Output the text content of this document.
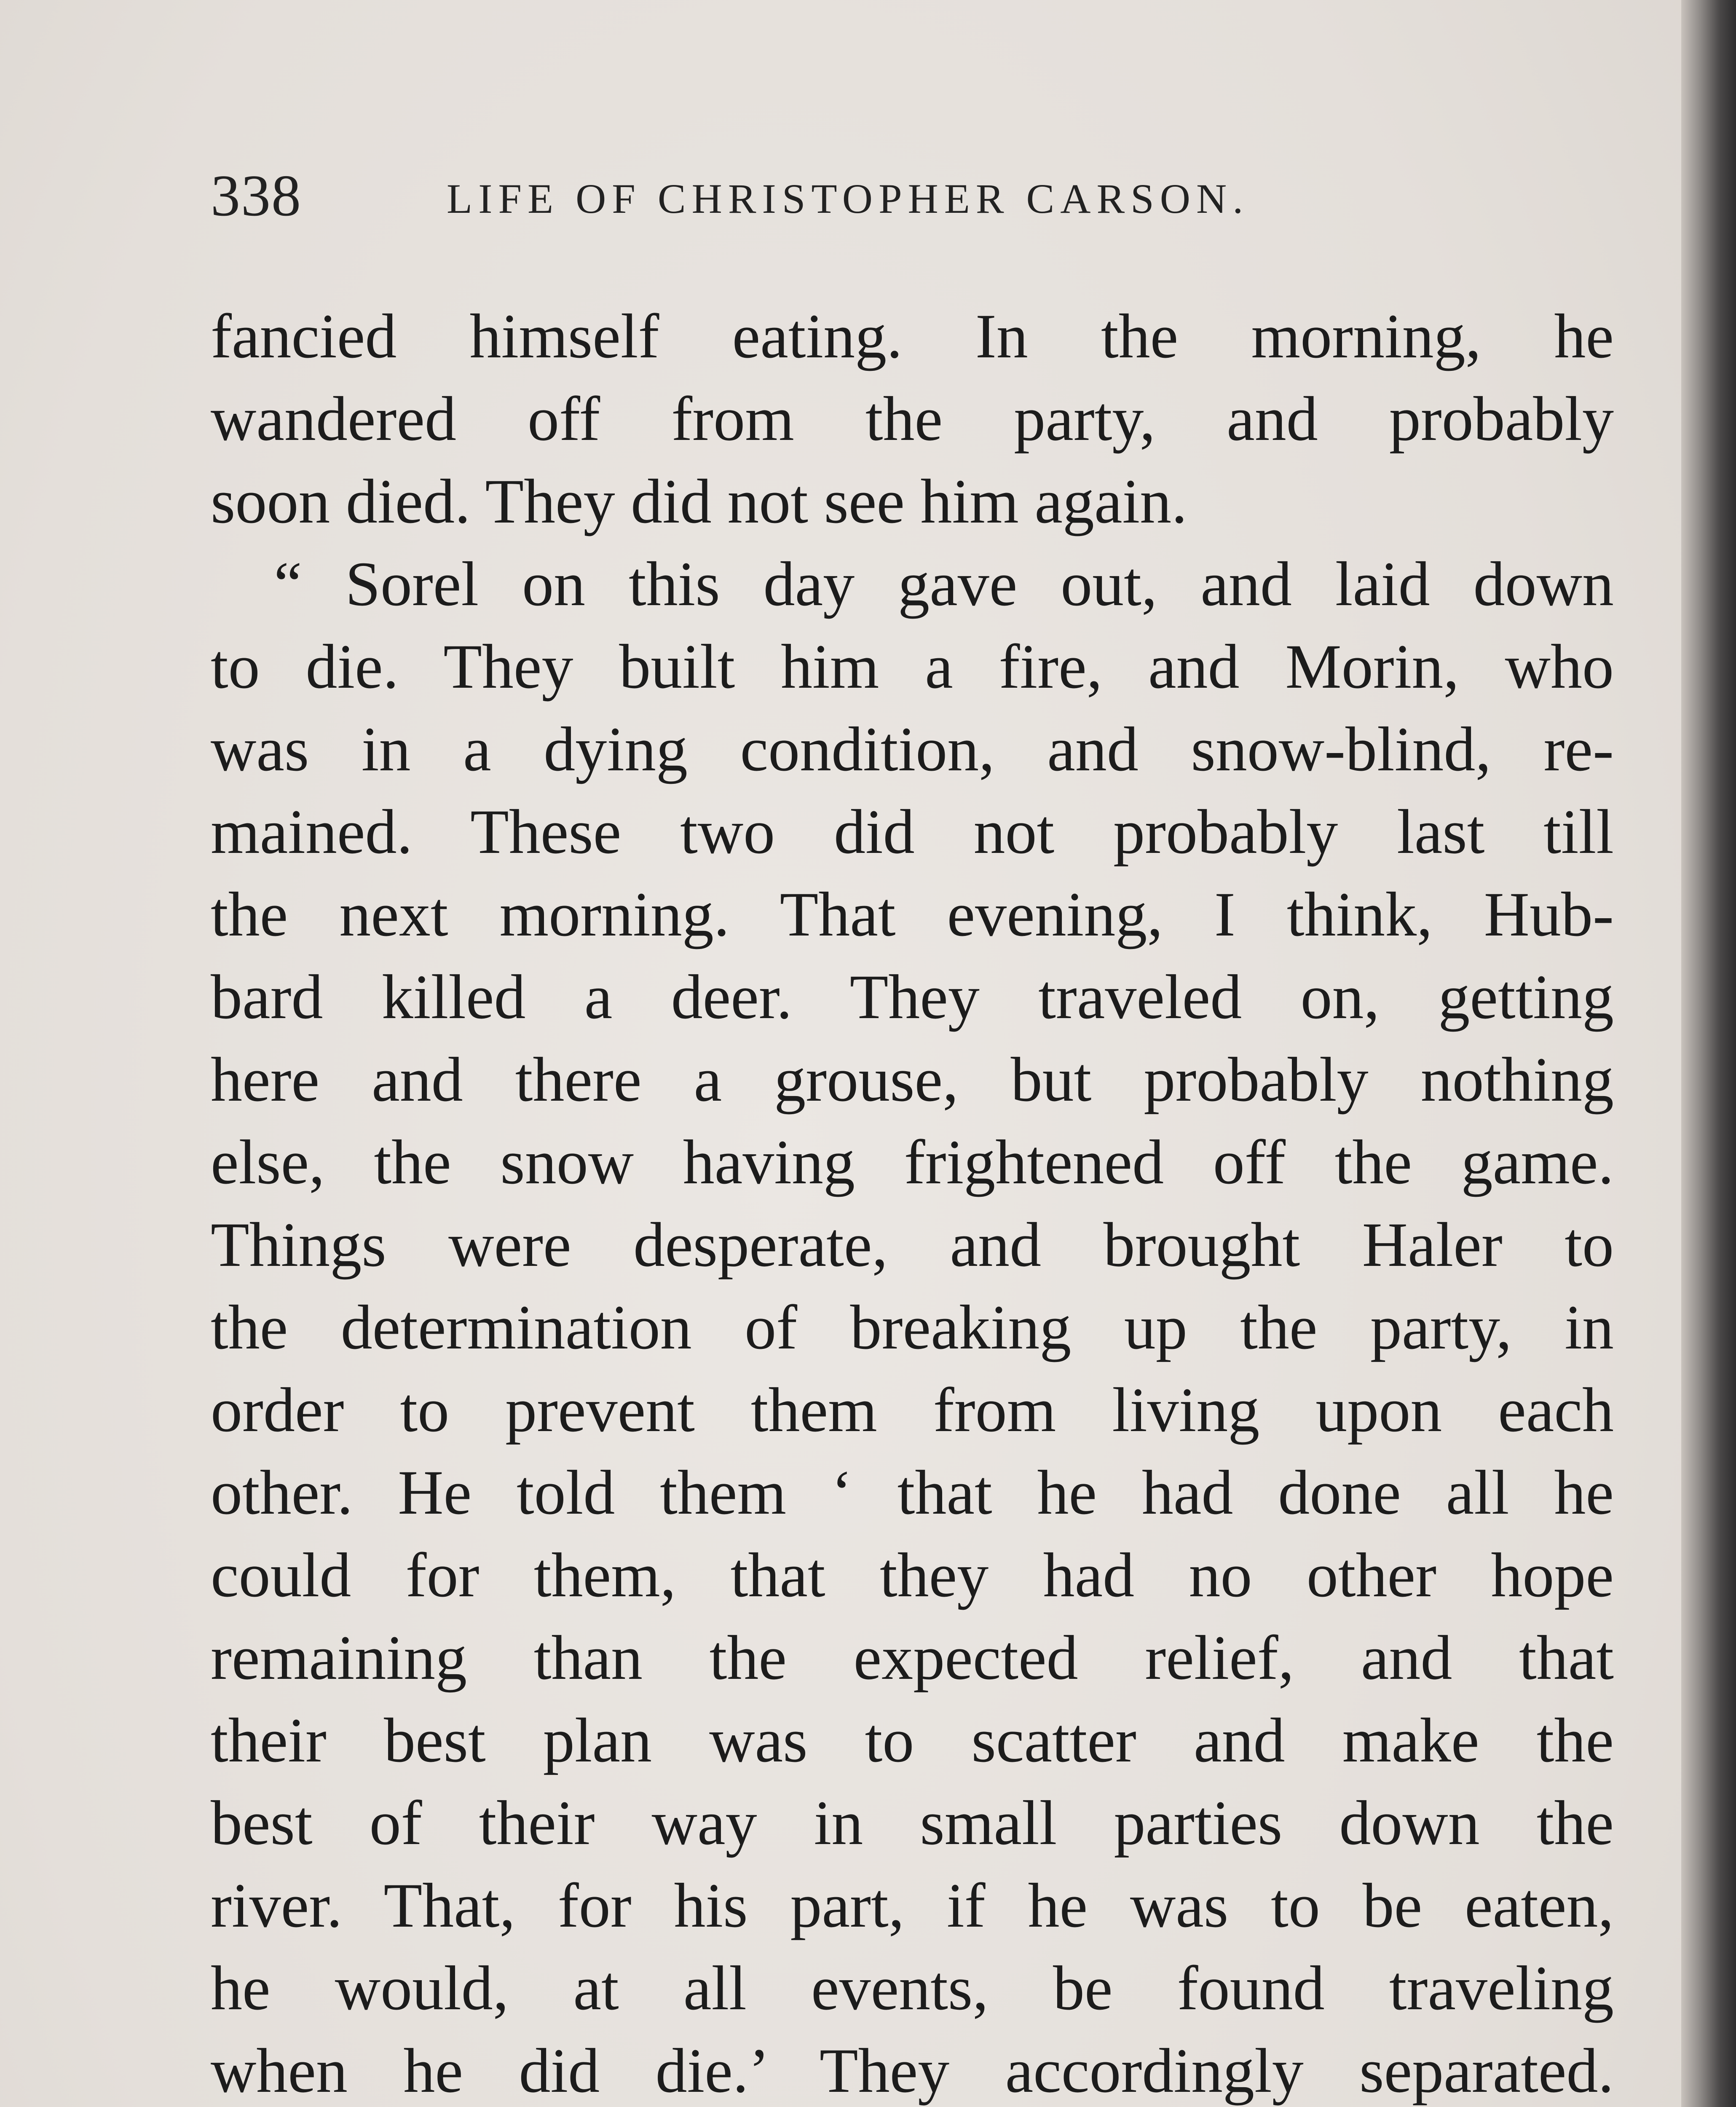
338	LIFE OF CHRISTOPHER CARSON.
fancied himself eating. In the morning, he
wandered off from the party, and probably
soon died. They did not see him again.
“ Sorel on this day gave out, and laid down
to die. They built him a fire, and Morin, who
was in a dying condition, and snow-blind, re-
mained. These two did not probably last till
the next morning. That evening, I think, Hub-
bard killed a deer. They traveled on, getting
here and there a grouse, but probably nothing
else, the snow having frightened off the game.
Things were desperate, and brought Haler to
the determination of breaking up the party, in
order to prevent them from living upon each
other. He told them ‘ that he had done all he
could for them, that they had no other hope
remaining than the expected relief, and that
their best plan was to scatter and make the
best of their way in small parties down the
river. That, for his part, if he was to be eaten,
he would, at all events, be found traveling
when he did die.’ They accordingly separated.
